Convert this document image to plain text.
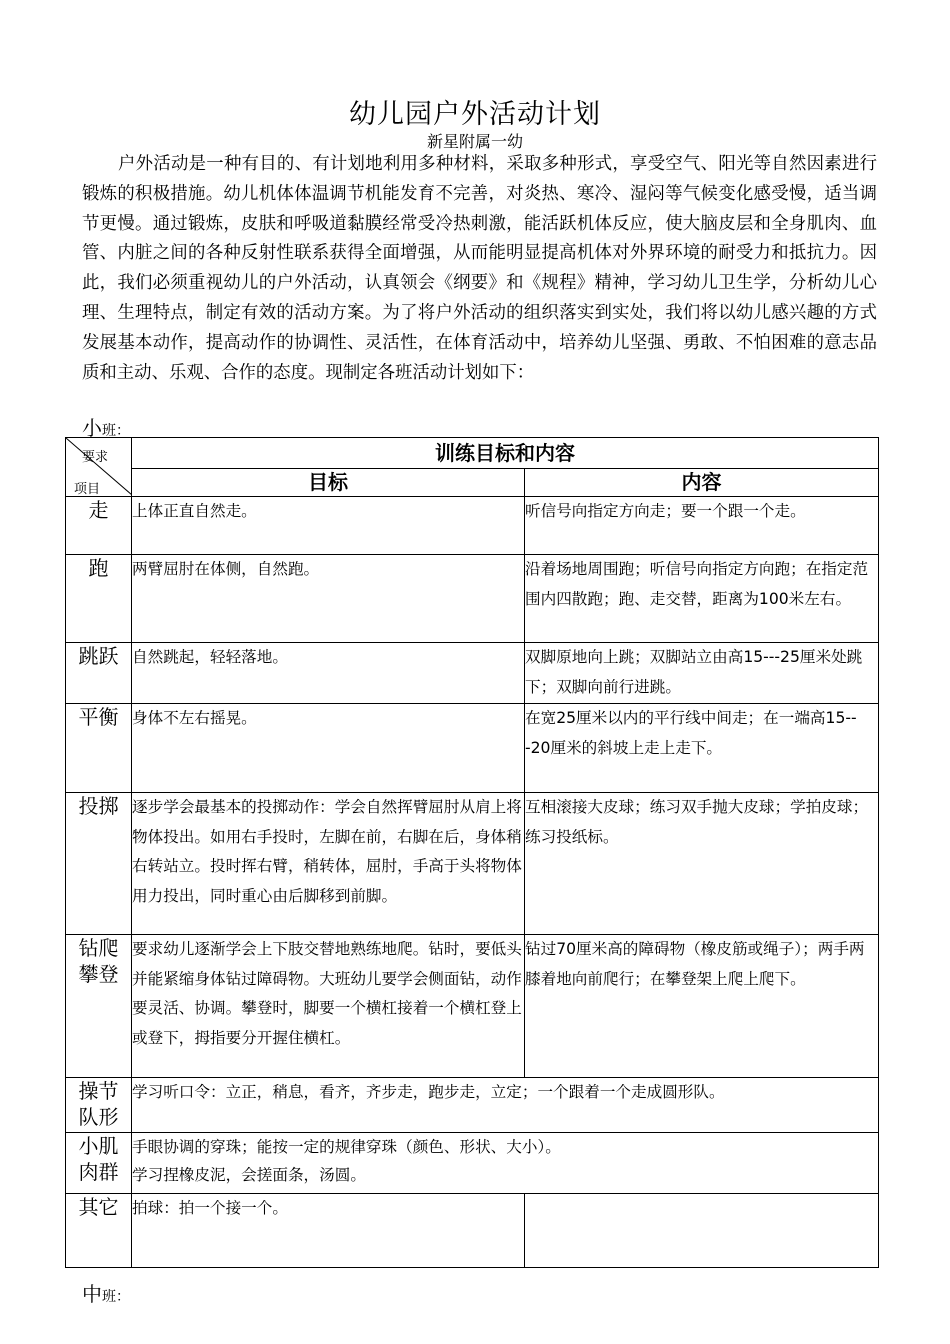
幼儿园户外活动计划
新星附属一幼

户外活动是一种有目的、有计划地利用多种材料，采取多种形式，享受空气、阳光等自然因素进行锻炼的积极措施。幼儿机体体温调节机能发育不完善，对炎热、寒冷、湿闷等气候变化感受慢，适当调节更慢。通过锻炼，皮肤和呼吸道黏膜经常受冷热刺激，能活跃机体反应，使大脑皮层和全身肌肉、血管、内脏之间的各种反射性联系获得全面增强，从而能明显提高机体对外界环境的耐受力和抵抗力。因此，我们必须重视幼儿的户外活动，认真领会《纲要》和《规程》精神，学习幼儿卫生学，分析幼儿心理、生理特点，制定有效的活动方案。为了将户外活动的组织落实到实处，我们将以幼儿感兴趣的方式发展基本动作，提高动作的协调性、灵活性，在体育活动中，培养幼儿坚强、勇敢、不怕困难的意志品质和主动、乐观、合作的态度。现制定各班活动计划如下：

小班：
要求
项目	训练目标和内容	
	目标	内容
走	上体正直自然走。	听信号向指定方向走；要一个跟一个走。
跑	两臂屈肘在体侧，自然跑。	沿着场地周围跑；听信号向指定方向跑；在指定范围内四散跑；跑、走交替，距离为100米左右。
跳跃	自然跳起，轻轻落地。	双脚原地向上跳；双脚站立由高15---25厘米处跳下；双脚向前行进跳。
平衡	身体不左右摇晃。	在宽25厘米以内的平行线中间走；在一端高15---20厘米的斜坡上走上走下。
投掷	逐步学会最基本的投掷动作：学会自然挥臂屈肘从肩上将物体投出。如用右手投时，左脚在前，右脚在后，身体稍右转站立。投时挥右臂，稍转体，屈肘，手高于头将物体用力投出，同时重心由后脚移到前脚。	互相滚接大皮球；练习双手抛大皮球；学拍皮球；练习投纸标。

钻爬攀登	要求幼儿逐渐学会上下肢交替地熟练地爬。钻时，要低头并能紧缩身体钻过障碍物。大班幼儿要学会侧面钻，动作要灵活、协调。攀登时，脚要一个横杠接着一个横杠登上或登下，拇指要分开握住横杠。	钻过70厘米高的障碍物（橡皮筋或绳子）；两手两膝着地向前爬行；在攀登架上爬上爬下。

操节队形	学习听口令：立正，稍息，看齐，齐步走，跑步走，立定；一个跟着一个走成圆形队。	

小肌肉群	手眼协调的穿珠；能按一定的规律穿珠（颜色、形状、大小）。
学习捏橡皮泥，会搓面条，汤圆。	

其它	拍球：拍一个接一个。	
中班：
